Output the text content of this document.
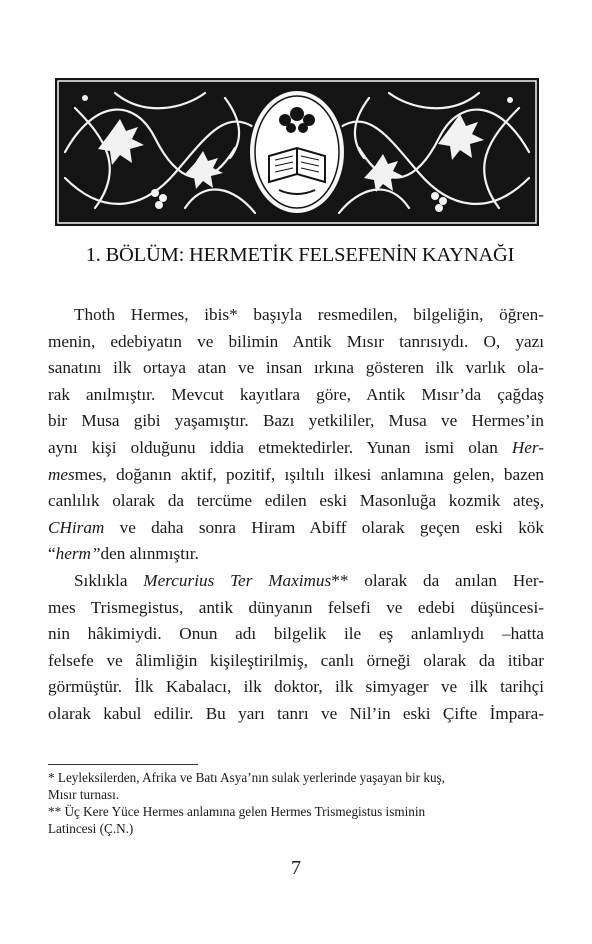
1. BÖLÜM: HERMETİK FELSEFENİN KAYNAĞI

Thoth Hermes, ibis* başıyla resmedilen, bilgeliğin, öğren-
menin, edebiyatın ve bilimin Antik Mısır tanrısıydı. O, yazı
sanatını ilk ortaya atan ve insan ırkına gösteren ilk varlık ola-
rak anılmıştır. Mevcut kayıtlara göre, Antik Mısır’da çağdaş
bir Musa gibi yaşamıştır. Bazı yetkililer, Musa ve Hermes’in
aynı kişi olduğunu iddia etmektedirler. Yunan ismi olan Her-
mesmes, doğanın aktif, pozitif, ışıltılı ilkesi anlamına gelen, bazen
canlılık olarak da tercüme edilen eski Masonluğa kozmik ateş,
CHiram ve daha sonra Hiram Abiff olarak geçen eski kök
“herm”den alınmıştır.

Sıklıkla Mercurius Ter Maximus** olarak da anılan Her-
mes Trismegistus, antik dünyanın felsefi ve edebi düşüncesi-
nin hâkimiydi. Onun adı bilgelik ile eş anlamlıydı –hatta
felsefe ve âlimliğin kişileştirilmiş, canlı örneği olarak da itibar
görmüştür. İlk Kabalacı, ilk doktor, ilk simyager ve ilk tarihçi
olarak kabul edilir. Bu yarı tanrı ve Nil’in eski Çifte İmpara-

* Leyleksilerden, Afrika ve Batı Asya’nın sulak yerlerinde yaşayan bir kuş,
Mısır turnası.
** Üç Kere Yüce Hermes anlamına gelen Hermes Trismegistus isminin
Latincesi (Ç.N.)
7
